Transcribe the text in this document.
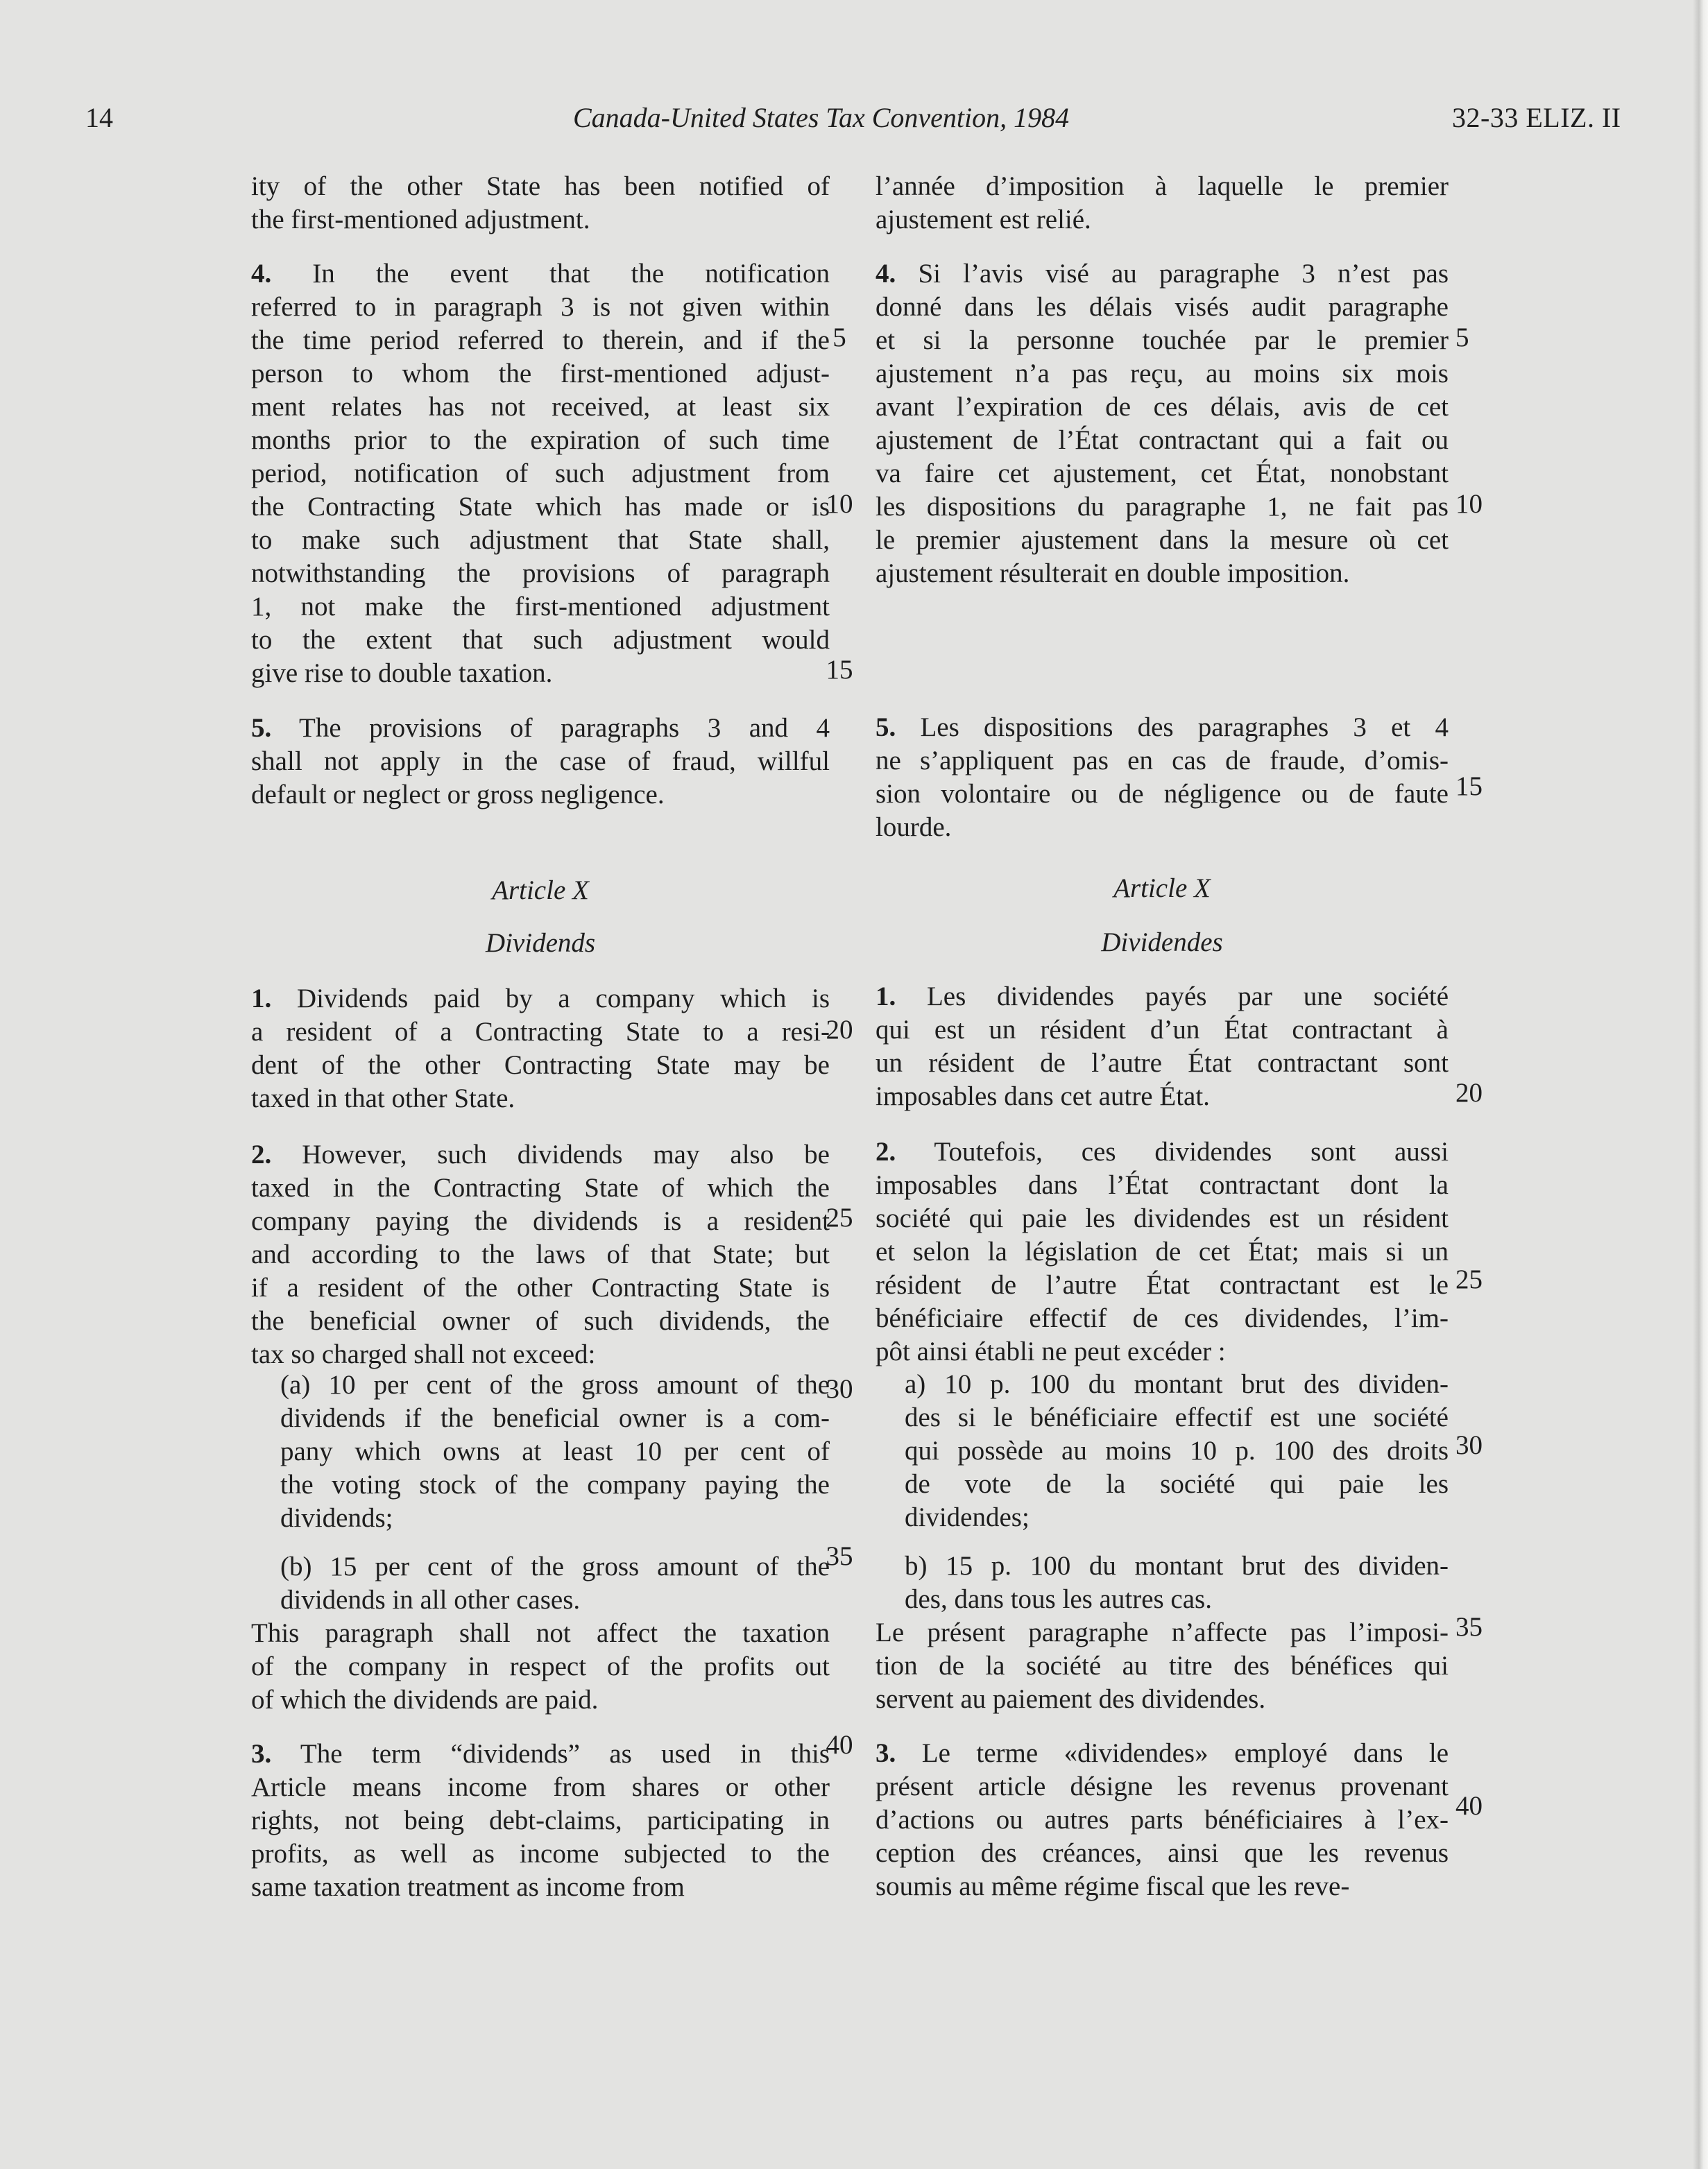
14	Canada-United States Tax Convention, 1984	32-33 ELIZ. II
ity of the other State has been notified of
the first-mentioned adjustment.
4. In the event that the notification
referred to in paragraph 3 is not given within
the time period referred to therein, and if the
person to whom the first-mentioned adjust-
ment relates has not received, at least six
months prior to the expiration of such time
period, notification of such adjustment from
the Contracting State which has made or is
to make such adjustment that State shall,
notwithstanding the provisions of paragraph
1, not make the first-mentioned adjustment
to the extent that such adjustment would
give rise to double taxation.
5. The provisions of paragraphs 3 and 4
shall not apply in the case of fraud, willful
default or neglect or gross negligence.
Article X
Dividends
1. Dividends paid by a company which is
a resident of a Contracting State to a resi-
dent of the other Contracting State may be
taxed in that other State.
2. However, such dividends may also be
taxed in the Contracting State of which the
company paying the dividends is a resident
and according to the laws of that State; but
if a resident of the other Contracting State is
the beneficial owner of such dividends, the
tax so charged shall not exceed:
(a) 10 per cent of the gross amount of the
dividends if the beneficial owner is a com-
pany which owns at least 10 per cent of
the voting stock of the company paying the
dividends;
(b) 15 per cent of the gross amount of the
dividends in all other cases.
This paragraph shall not affect the taxation
of the company in respect of the profits out
of which the dividends are paid.
3. The term “dividends” as used in this
Article means income from shares or other
rights, not being debt-claims, participating in
profits, as well as income subjected to the
same taxation treatment as income from
l’année d’imposition à laquelle le premier
ajustement est relié.
4. Si l’avis visé au paragraphe 3 n’est pas
donné dans les délais visés audit paragraphe
et si la personne touchée par le premier
ajustement n’a pas reçu, au moins six mois
avant l’expiration de ces délais, avis de cet
ajustement de l’État contractant qui a fait ou
va faire cet ajustement, cet État, nonobstant
les dispositions du paragraphe 1, ne fait pas
le premier ajustement dans la mesure où cet
ajustement résulterait en double imposition.
5. Les dispositions des paragraphes 3 et 4
ne s’appliquent pas en cas de fraude, d’omis-
sion volontaire ou de négligence ou de faute
lourde.
Article X
Dividendes
1. Les dividendes payés par une société
qui est un résident d’un État contractant à
un résident de l’autre État contractant sont
imposables dans cet autre État.
2. Toutefois, ces dividendes sont aussi
imposables dans l’État contractant dont la
société qui paie les dividendes est un résident
et selon la législation de cet État; mais si un
résident de l’autre État contractant est le
bénéficiaire effectif de ces dividendes, l’im-
pôt ainsi établi ne peut excéder :
a) 10 p. 100 du montant brut des dividen-
des si le bénéficiaire effectif est une société
qui possède au moins 10 p. 100 des droits
de vote de la société qui paie les
dividendes;
b) 15 p. 100 du montant brut des dividen-
des, dans tous les autres cas.
Le présent paragraphe n’affecte pas l’imposi-
tion de la société au titre des bénéfices qui
servent au paiement des dividendes.
3. Le terme «dividendes» employé dans le
présent article désigne les revenus provenant
d’actions ou autres parts bénéficiaires à l’ex-
ception des créances, ainsi que les revenus
soumis au même régime fiscal que les reve-
5
10
15
20
25
30
35
40
5
10
15
20
25
30
35
40
